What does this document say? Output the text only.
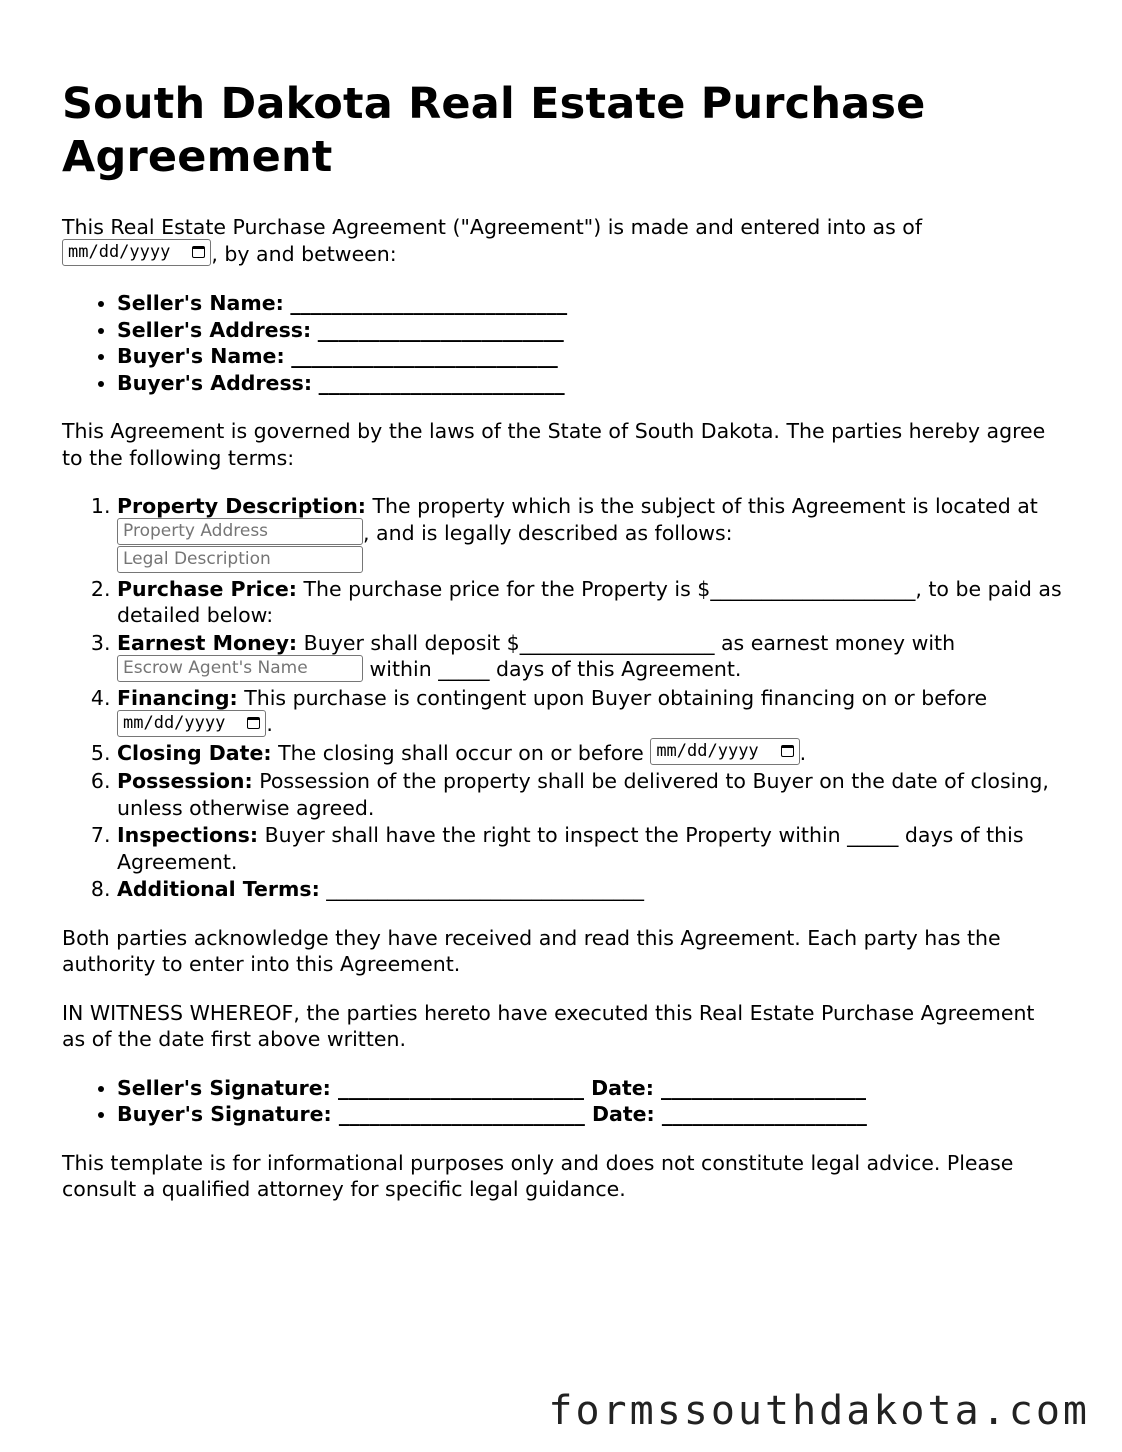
South Dakota Real Estate Purchase Agreement

This Real Estate Purchase Agreement ("Agreement") is made and entered into as of
mm/dd/yyyy , by and between:

• Seller's Name: ___________________________
• Seller's Address: ________________________
• Buyer's Name: __________________________
• Buyer's Address: ________________________

This Agreement is governed by the laws of the State of South Dakota. The parties hereby agree to the following terms:

1. Property Description: The property which is the subject of this Agreement is located at Property Address	, and is legally described as follows:
Legal Description
2. Purchase Price: The purchase price for the Property is $____________________, to be paid as detailed below:
3. Earnest Money: Buyer shall deposit $___________________ as earnest money with Escrow Agent's Name	within _____ days of this Agreement.
4. Financing: This purchase is contingent upon Buyer obtaining financing on or before mm/dd/yyyy .
5. Closing Date: The closing shall occur on or before mm/dd/yyyy .
6. Possession: Possession of the property shall be delivered to Buyer on the date of closing, unless otherwise agreed.
7. Inspections: Buyer shall have the right to inspect the Property within _____ days of this Agreement.
8. Additional Terms: _______________________________

Both parties acknowledge they have received and read this Agreement. Each party has the authority to enter into this Agreement.

IN WITNESS WHEREOF, the parties hereto have executed this Real Estate Purchase Agreement as of the date first above written.

• Seller's Signature: ________________________ Date: ____________________
• Buyer's Signature: ________________________ Date: ____________________

This template is for informational purposes only and does not constitute legal advice. Please consult a qualified attorney for specific legal guidance.

formssouthdakota.com
